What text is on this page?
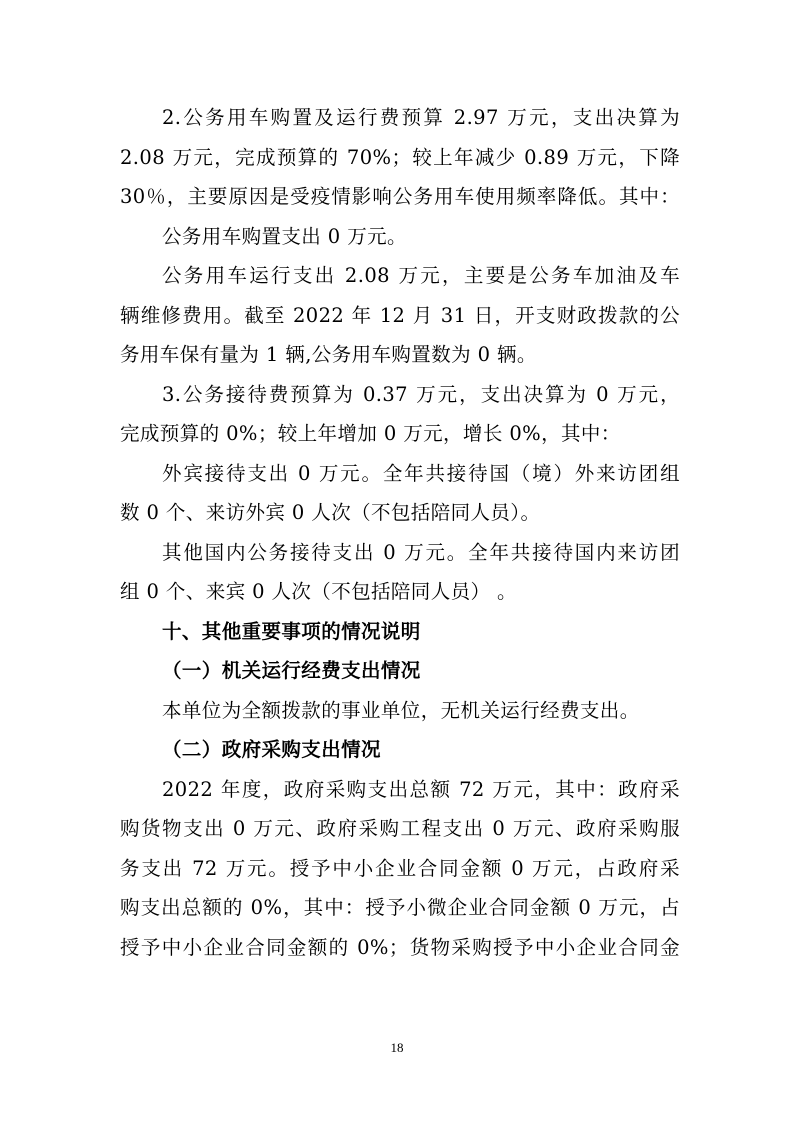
2.公务用车购置及运行费预算 2.97 万元，支出决算为
2.08 万元，完成预算的 70%；较上年减少 0.89 万元，下降
30％，主要原因是受疫情影响公务用车使用频率降低。其中：
公务用车购置支出 0 万元。
公务用车运行支出 2.08 万元，主要是公务车加油及车
辆维修费用。截至 2022 年 12 月 31 日，开支财政拨款的公
务用车保有量为 1 辆,公务用车购置数为 0 辆。
3.公务接待费预算为 0.37 万元，支出决算为 0 万元，
完成预算的 0%；较上年增加 0 万元，增长 0%，其中：
外宾接待支出 0 万元。全年共接待国（境）外来访团组
数 0 个、来访外宾 0 人次（不包括陪同人员）。
其他国内公务接待支出 0 万元。全年共接待国内来访团
组 0 个、来宾 0 人次（不包括陪同人员） 。
十、其他重要事项的情况说明
（一）机关运行经费支出情况
本单位为全额拨款的事业单位，无机关运行经费支出。
（二）政府采购支出情况
2022 年度，政府采购支出总额 72 万元，其中：政府采
购货物支出 0 万元、政府采购工程支出 0 万元、政府采购服
务支出 72 万元。授予中小企业合同金额 0 万元，占政府采
购支出总额的 0%，其中：授予小微企业合同金额 0 万元，占
授予中小企业合同金额的 0%；货物采购授予中小企业合同金
18
